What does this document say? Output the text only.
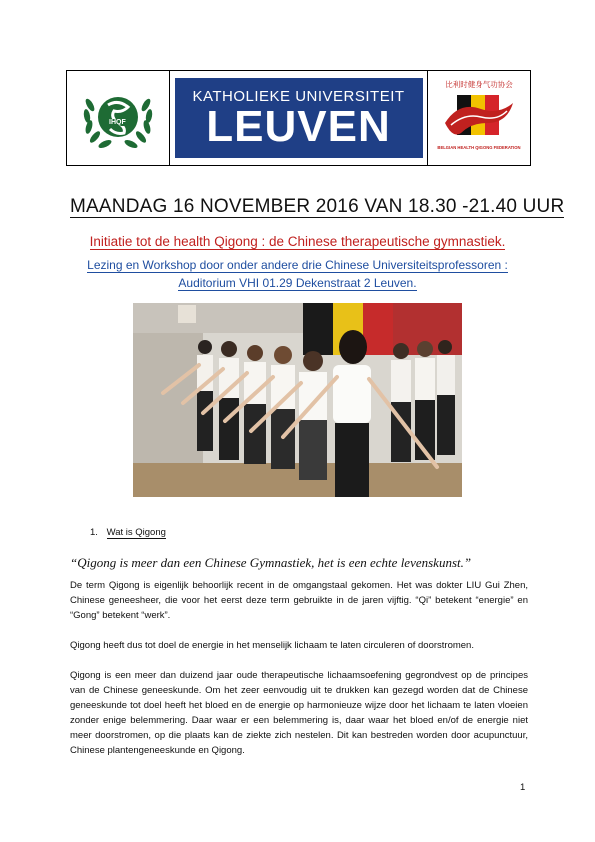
IHQF
KATHOLIEKE UNIVERSITEIT
LEUVEN
比利时健身气功协会
BELGIAN HEALTH QIGONG FEDERATION
MAANDAG 16 NOVEMBER 2016 VAN 18.30 -21.40 UUR
Initiatie tot de health Qigong : de Chinese therapeutische gymnastiek.
Lezing en Workshop door onder andere drie Chinese Universiteitsprofessoren :
Auditorium VHI 01.29 Dekenstraat 2 Leuven.
1. Wat is Qigong
“Qigong is meer dan een Chinese Gymnastiek, het is een echte levenskunst.”
De term Qigong is eigenlijk behoorlijk recent in de omgangstaal gekomen. Het was dokter LIU Gui Zhen, Chinese geneesheer, die voor het eerst deze term gebruikte in de jaren vijftig. “Qi” betekent “energie” en “Gong” betekent “werk”.
Qigong heeft dus tot doel de energie in het menselijk lichaam te laten circuleren of doorstromen.
Qigong is een meer dan duizend jaar oude therapeutische lichaamsoefening gegrondvest op de principes van de Chinese geneeskunde. Om het zeer eenvoudig uit te drukken kan gezegd worden dat de Chinese geneeskunde tot doel heeft het bloed en de energie op harmonieuze wijze door het lichaam te laten vloeien zonder enige belemmering. Daar waar er een belemmering is, daar waar het bloed en/of de energie niet meer doorstromen, op die plaats kan de ziekte zich nestelen. Dit kan bestreden worden door acupunctuur, Chinese plantengeneeskunde en Qigong.
1
